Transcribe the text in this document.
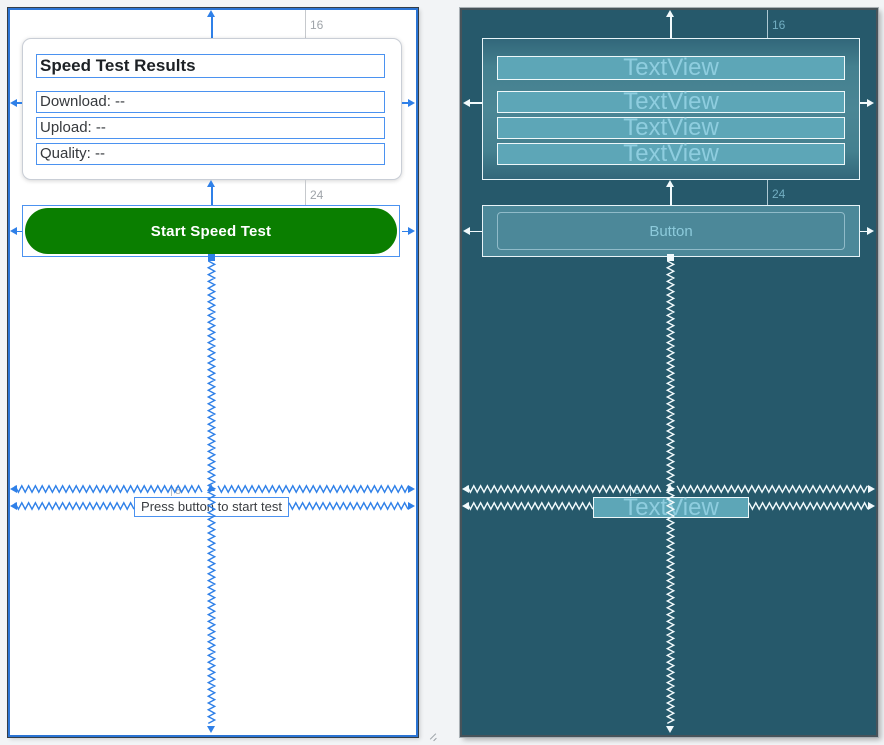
16
Speed Test Results
Download: --
Upload: --
Quality: --
24
Start Speed Test
8
Press button to start test
16
TextView
TextView
TextView
TextView
24
Button
8
TextView
